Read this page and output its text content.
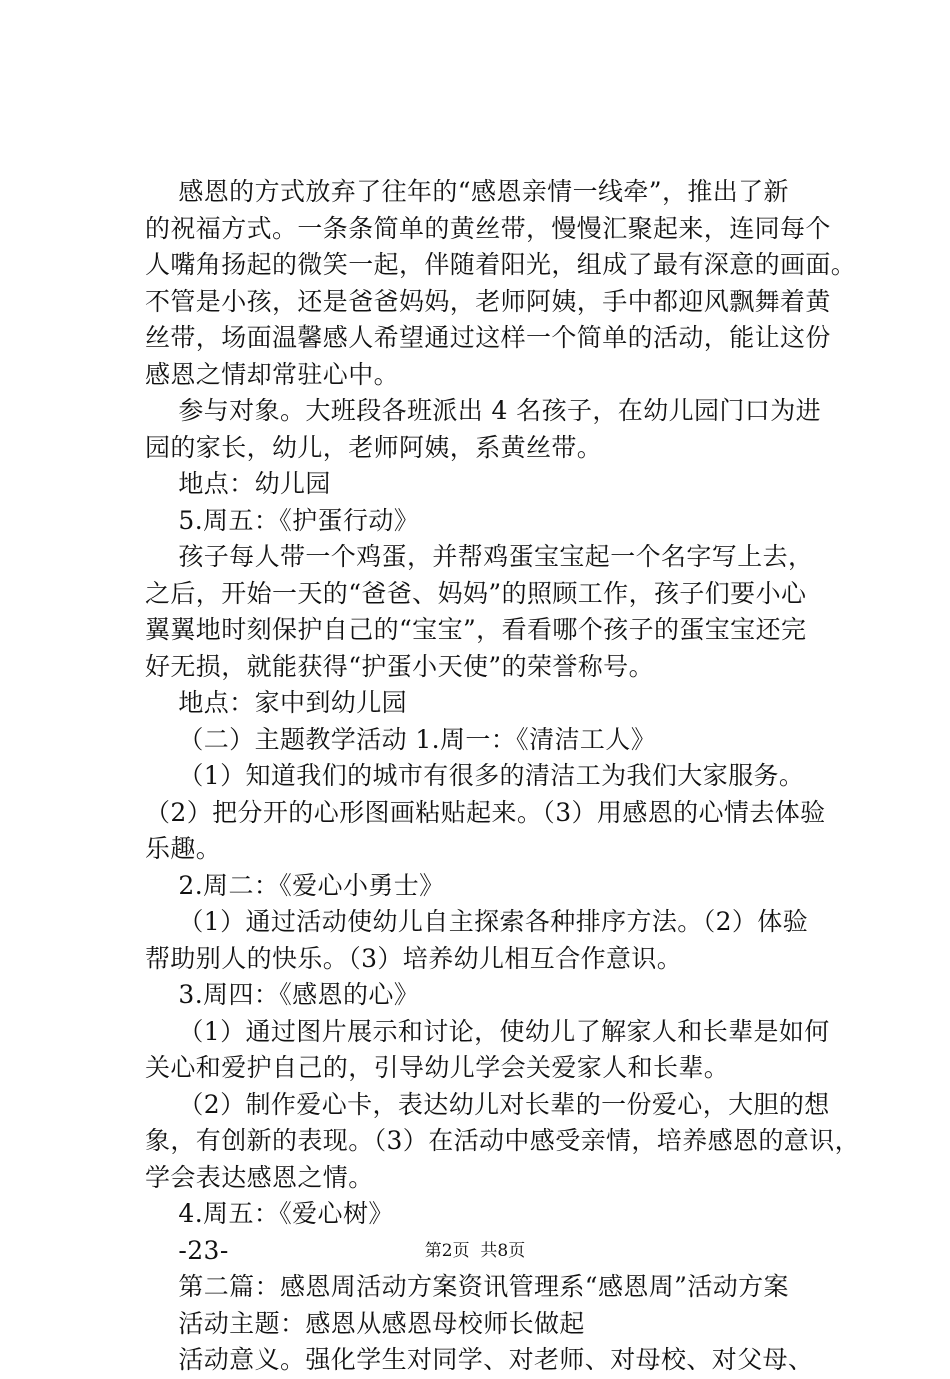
感恩的方式放弃了往年的“感恩亲情一线牵”，推出了新
的祝福方式。一条条简单的黄丝带，慢慢汇聚起来，连同每个
人嘴角扬起的微笑一起，伴随着阳光，组成了最有深意的画面。
不管是小孩，还是爸爸妈妈，老师阿姨，手中都迎风飘舞着黄
丝带，场面温馨感人希望通过这样一个简单的活动，能让这份
感恩之情却常驻心中。
参与对象。大班段各班派出 4 名孩子，在幼儿园门口为进
园的家长，幼儿，老师阿姨，系黄丝带。
地点：幼儿园
5.周五：《护蛋行动》
孩子每人带一个鸡蛋，并帮鸡蛋宝宝起一个名字写上去，
之后，开始一天的“爸爸、妈妈”的照顾工作，孩子们要小心
翼翼地时刻保护自己的“宝宝”，看看哪个孩子的蛋宝宝还完
好无损，就能获得“护蛋小天使”的荣誉称号。
地点：家中到幼儿园
（二）主题教学活动 1.周一：《清洁工人》
（1）知道我们的城市有很多的清洁工为我们大家服务。
（2）把分开的心形图画粘贴起来。（3）用感恩的心情去体验
乐趣。
2.周二：《爱心小勇士》
（1）通过活动使幼儿自主探索各种排序方法。（2）体验
帮助别人的快乐。（3）培养幼儿相互合作意识。
3.周四：《感恩的心》
（1）通过图片展示和讨论，使幼儿了解家人和长辈是如何
关心和爱护自己的，引导幼儿学会关爱家人和长辈。
（2）制作爱心卡，表达幼儿对长辈的一份爱心，大胆的想
象，有创新的表现。（3）在活动中感受亲情，培养感恩的意识，
学会表达感恩之情。
4.周五：《爱心树》
-23-
第二篇：感恩周活动方案资讯管理系“感恩周”活动方案
活动主题：感恩从感恩母校师长做起
活动意义。强化学生对同学、对老师、对母校、对父母、
第2页  共8页
